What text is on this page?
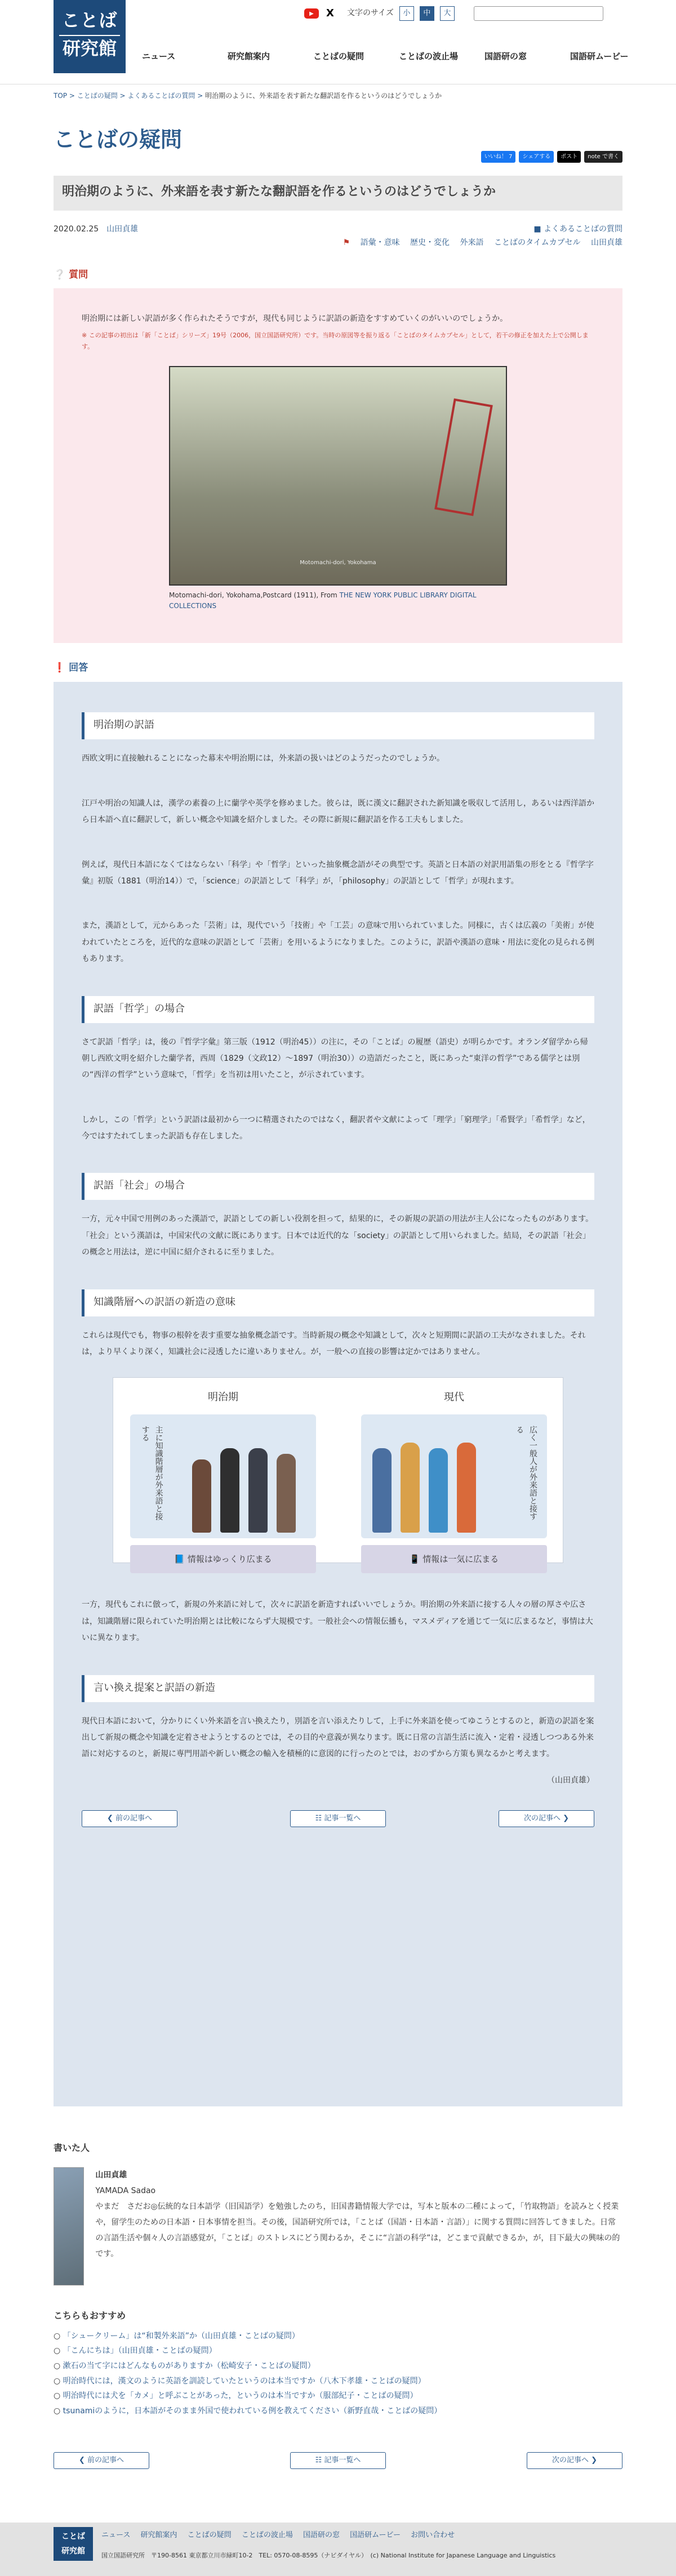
ことば
研究館
▶	X 文字のサイズ	小	中	大
ニュース	研究館案内	ことばの疑問	ことばの波止場	国語研の窓	国語研ムービー
TOP > ことばの疑問 > よくあることばの質問 > 明治期のように、外来語を表す新たな翻訳語を作るというのはどうでしょうか
ことばの疑問
いいね！ 7	シェアする	ポスト	note で書く
明治期のように、外来語を表す新たな翻訳語を作るというのはどうでしょうか
2020.02.25　 山田貞雄	■ よくあることばの質問
⚑ 語彙・意味 歴史・変化 外来語 ことばのタイムカプセル 山田貞雄
❔ 質問

明治期には新しい訳語が多く作られたそうですが，現代も同じように訳語の新造をすすめていくのがいいのでしょうか。

※ この記事の初出は「新「ことば」シリーズ」19号（2006，国立国語研究所）です。当時の原図等を振り返る「ことばのタイムカプセル」として，若干の修正を加えた上で公開します。
Motomachi-dori, Yokohama
Motomachi-dori, Yokohama,Postcard (1911), From THE NEW YORK PUBLIC LIBRARY DIGITAL COLLECTIONS
❗ 回答
明治期の訳語

西欧文明に直接触れることになった幕末や明治期には，外来語の扱いはどのようだったのでしょうか。

江戸や明治の知識人は，漢学の素養の上に蘭学や英学を修めました。彼らは，既に漢文に翻訳された新知識を吸収して活用し，あるいは西洋語から日本語へ直に翻訳して，新しい概念や知識を紹介しました。その際に新規に翻訳語を作る工夫もしました。

例えば，現代日本語になくてはならない「科学」や「哲学」といった抽象概念語がその典型です。英語と日本語の対訳用語集の形をとる『哲学字彙』初版（1881（明治14））で，「science」の訳語として「科学」が，「philosophy」の訳語として「哲学」が現れます。

また，漢語として，元からあった「芸術」は，現代でいう「技術」や「工芸」の意味で用いられていました。同様に，古くは広義の「美術」が使われていたところを，近代的な意味の訳語として「芸術」を用いるようになりました。このように，訳語や漢語の意味・用法に変化の見られる例もあります。

訳語「哲学」の場合

さて訳語「哲学」は，後の『哲学字彙』第三版（1912（明治45））の注に，その「ことば」の履歴（語史）が明らかです。オランダ留学から帰朝し西欧文明を紹介した蘭学者，西周（1829（文政12）～1897（明治30））の造語だったこと，既にあった“東洋の哲学”である儒学とは別の“西洋の哲学”という意味で，「哲学」を当初は用いたこと，が示されています。

しかし，この「哲学」という訳語は最初から一つに精選されたのではなく，翻訳者や文献によって「理学」「窮理学」「希賢学」「希哲学」など，今ではすたれてしまった訳語も存在しました。

訳語「社会」の場合

一方，元々中国で用例のあった漢語で，訳語としての新しい役割を担って，結果的に，その新規の訳語の用法が主人公になったものがあります。「社会」という漢語は，中国宋代の文献に既にあります。日本では近代的な「society」の訳語として用いられました。結局，その訳語「社会」の概念と用法は，逆に中国に紹介されるに至りました。

知識階層への訳語の新造の意味

これらは現代でも，物事の根幹を表す重要な抽象概念語です。当時新規の概念や知識として，次々と短期間に訳語の工夫がなされました。それは，より早くより深く，知識社会に浸透したに違いありません。が，一般への直接の影響は定かではありません。

明治期
主に知識階層が外来語と接する
📘 情報はゆっくり広まる
現代
広く一般人が外来語と接する
📱 情報は一気に広まる

一方，現代もこれに倣って，新規の外来語に対して，次々に訳語を新造すればいいでしょうか。明治期の外来語に接する人々の層の厚さや広さは，知識階層に限られていた明治期とは比較にならず大規模です。一般社会への情報伝播も，マスメディアを通じて一気に広まるなど，事情は大いに異なります。

言い換え提案と訳語の新造

現代日本語において，分かりにくい外来語を言い換えたり，別語を言い添えたりして，上手に外来語を使ってゆこうとするのと，新造の訳語を案出して新規の概念や知識を定着させようとするのとでは，その目的や意義が異なります。既に日常の言語生活に流入・定着・浸透しつつある外来語に対応するのと，新規に専門用語や新しい概念の輸入を積極的に意図的に行ったのとでは，おのずから方策も異なるかと考えます。

（山田貞雄）
❮ 前の記事へ	☷ 記事一覧へ	次の記事へ ❯
書いた人
山田貞雄
YAMADA Sadao
やまだ　さだお◎伝統的な日本語学（旧国語学）を勉強したのち，旧国書籍情報大学では，写本と版本の二種によって，「竹取物語」を読みとく授業や，留学生のための日本語・日本事情を担当。その後，国語研究所では，「ことば（国語・日本語・言語）」に関する質問に回答してきました。日常の言語生活や個々人の言語感覚が，「ことば」のストレスにどう関わるか，そこに“言語の科学”は，どこまで貢献できるか，が，目下最大の興味の的です。
こちらもおすすめ
○ 「シュークリーム」は“和製外来語”か（山田貞雄・ことばの疑問）
○ 「こんにちは」（山田貞雄・ことばの疑問）
○ 漱石の当て字にはどんなものがありますか（松崎安子・ことばの疑問）
○ 明治時代には，漢文のように英語を訓読していたというのは本当ですか（八木下孝雄・ことばの疑問）
○ 明治時代には犬を「カメ」と呼ぶことがあった，というのは本当ですか（服部紀子・ことばの疑問）
○ tsunamiのように，日本語がそのまま外国で使われている例を教えてください（新野直哉・ことばの疑問）
❮ 前の記事へ	☷ 記事一覧へ	次の記事へ ❯
ことば
研究館
ニュース 研究館案内 ことばの疑問 ことばの波止場 国語研の窓 国語研ムービー お問い合わせ
国立国語研究所　〒190-8561 東京都立川市緑町10-2　TEL: 0570-08-8595（ナビダイヤル）　(c) National Institute for Japanese Language and Linguistics
